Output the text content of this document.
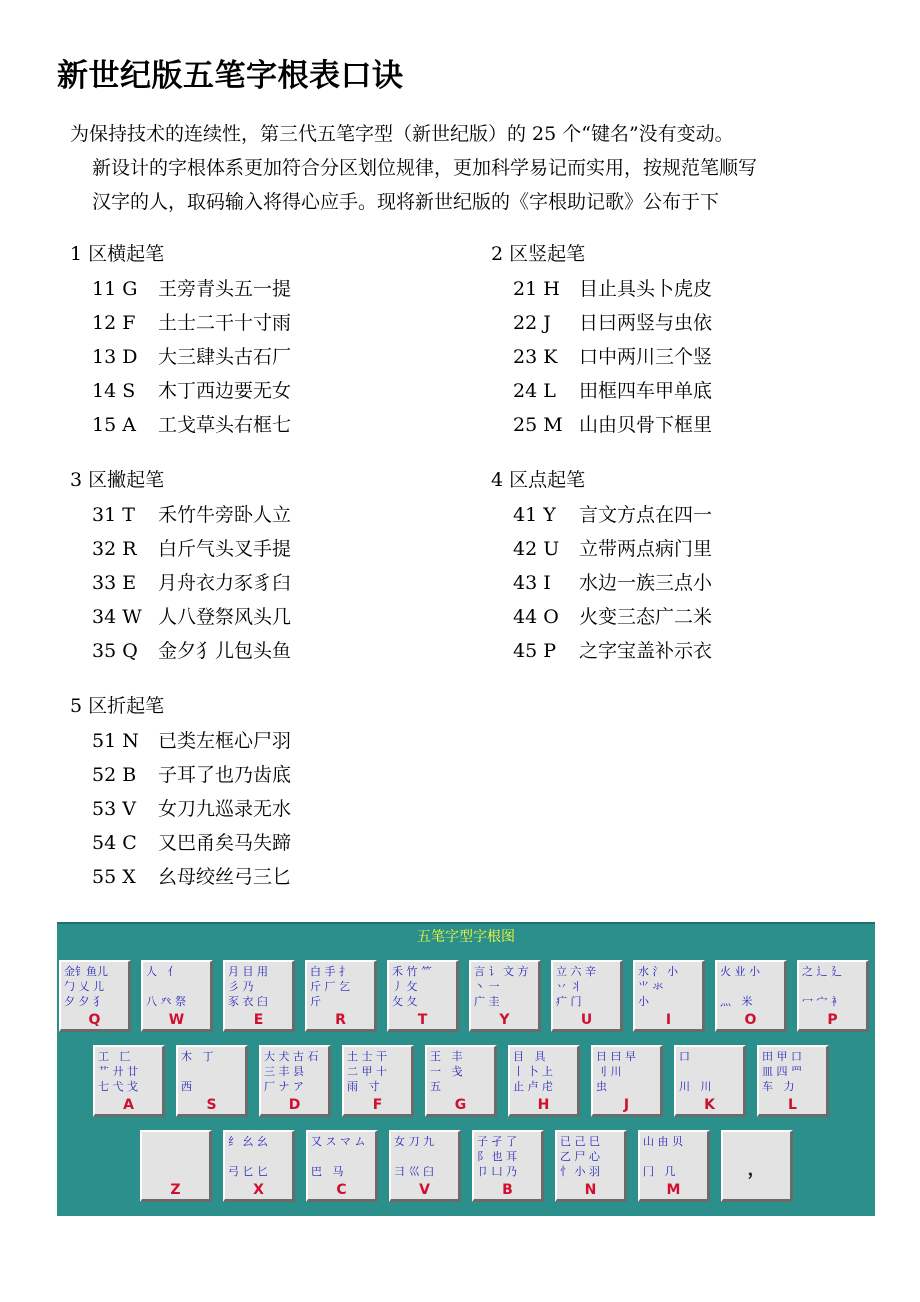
新世纪版五笔字根表口诀

为保持技术的连续性，第三代五笔字型（新世纪版）的 25 个“键名”没有变动。

新设计的字根体系更加符合分区划位规律，更加科学易记而实用，按规范笔顺写

汉字的人，取码输入将得心应手。现将新世纪版的《字根助记歌》公布于下

1 区横起笔
11 G 王旁青头五一提
12 F 土士二干十寸雨
13 D 大三肆头古石厂
14 S 木丁西边要无女
15 A 工戈草头右框七
2 区竖起笔
21 H 目止具头卜虎皮
22 J 日曰两竖与虫依
23 K 口中两川三个竖
24 L 田框四车甲单底
25 M 山由贝骨下框里
3 区撇起笔
31 T 禾竹牛旁卧人立
32 R 白斤气头叉手提
33 E 月舟衣力豕豸臼
34 W 人八登祭风头几
35 Q 金夕犭儿包头鱼
4 区点起笔
41 Y 言文方点在四一
42 U 立带两点病门里
43 I 水边一族三点小
44 O 火变三态广二米
45 P 之字宝盖补示衣
5 区折起笔
51 N 已类左框心尸羽
52 B 子耳了也乃齿底
53 V 女刀九巡录无水
54 C 又巴甬矣马失蹄
55 X 幺母绞丝弓三匕
五笔字型字根图
金钅鱼儿
勹 乂 儿
夕 夕 犭
Q
人   亻

八 癶 祭
W
月 目 用
彡 乃
豕 衣 臼
E
白 手 扌
斤 厂 乞
斤
R
禾 竹 ⺮
丿 攵
攵 夂
T
言 讠 文 方
丶 一
广 圭
Y
立 六 辛
丷 丬
疒 门
U
水 氵 小
⺌ 氺
小
I
火 业 小

灬   米
O
之 辶 廴

冖 宀 衤
P
工   匚
艹 廾 廿
七 弋 戈
A
木   丁

西
S
大 犬 古 石
三 丰 县
厂 ナ ア
D
土 士 干
二 甲 十
雨   寸
F
王   丰
一   戋
五
G
目   具
丨 卜 上
止 卢 虍
H
日 曰 早
刂 川
虫
J
口

川   川
K
田 甲 口
皿 四 罒
车   力
L
Z
纟 幺 幺

弓 匕 匕
X
又 ス マ ム

巴   马
C
女 刀 九

彐 巛 臼
V
子 孑 了
阝 也 耳
卩 凵 乃
B
已 己 巳
乙 尸 心
忄 小 羽
N
山 由 贝

冂   几
M
，
